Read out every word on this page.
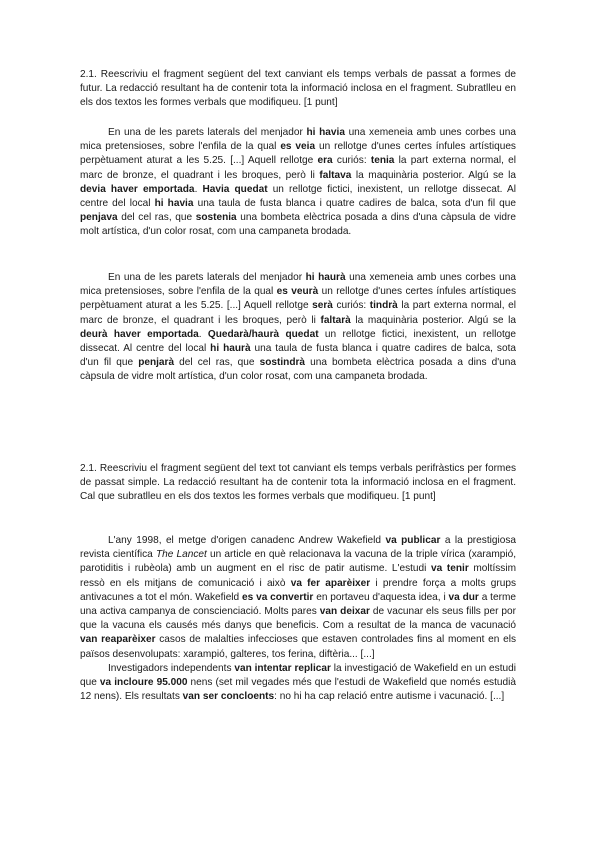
2.1. Reescriviu el fragment següent del text canviant els temps verbals de passat a formes de futur. La redacció resultant ha de contenir tota la informació inclosa en el fragment. Subratlleu en els dos textos les formes verbals que modifiqueu. [1 punt]

En una de les parets laterals del menjador hi havia una xemeneia amb unes corbes una mica pretensioses, sobre l'enfila de la qual es veia un rellotge d'unes certes ínfules artístiques perpètuament aturat a les 5.25. [...] Aquell rellotge era curiós: tenia la part externa normal, el marc de bronze, el quadrant i les broques, però li faltava la maquinària posterior. Algú se la devia haver emportada. Havia quedat un rellotge fictici, inexistent, un rellotge dissecat. Al centre del local hi havia una taula de fusta blanca i quatre cadires de balca, sota d'un fil que penjava del cel ras, que sostenia una bombeta elèctrica posada a dins d'una càpsula de vidre molt artística, d'un color rosat, com una campaneta brodada.

En una de les parets laterals del menjador hi haurà una xemeneia amb unes corbes una mica pretensioses, sobre l'enfila de la qual es veurà un rellotge d'unes certes ínfules artístiques perpètuament aturat a les 5.25. [...] Aquell rellotge serà curiós: tindrà la part externa normal, el marc de bronze, el quadrant i les broques, però li faltarà la maquinària posterior. Algú se la deurà haver emportada. Quedarà/haurà quedat un rellotge fictici, inexistent, un rellotge dissecat. Al centre del local hi haurà una taula de fusta blanca i quatre cadires de balca, sota d'un fil que penjarà del cel ras, que sostindrà una bombeta elèctrica posada a dins d'una càpsula de vidre molt artística, d'un color rosat, com una campaneta brodada.

2.1. Reescriviu el fragment següent del text tot canviant els temps verbals perifràstics per formes de passat simple. La redacció resultant ha de contenir tota la informació inclosa en el fragment. Cal que subratlleu en els dos textos les formes verbals que modifiqueu. [1 punt]

L'any 1998, el metge d'origen canadenc Andrew Wakefield va publicar a la prestigiosa revista científica The Lancet un article en què relacionava la vacuna de la triple vírica (xarampió, parotiditis i rubèola) amb un augment en el risc de patir autisme. L'estudi va tenir moltíssim ressò en els mitjans de comunicació i això va fer aparèixer i prendre força a molts grups antivacunes a tot el món. Wakefield es va convertir en portaveu d'aquesta idea, i va dur a terme una activa campanya de conscienciació. Molts pares van deixar de vacunar els seus fills per por que la vacuna els causés més danys que beneficis. Com a resultat de la manca de vacunació van reaparèixer casos de malalties infeccioses que estaven controlades fins al moment en els països desenvolupats: xarampió, galteres, tos ferina, diftèria... [...]

Investigadors independents van intentar replicar la investigació de Wakefield en un estudi que va incloure 95.000 nens (set mil vegades més que l'estudi de Wakefield que només estudià 12 nens). Els resultats van ser concloents: no hi ha cap relació entre autisme i vacunació. [...]
